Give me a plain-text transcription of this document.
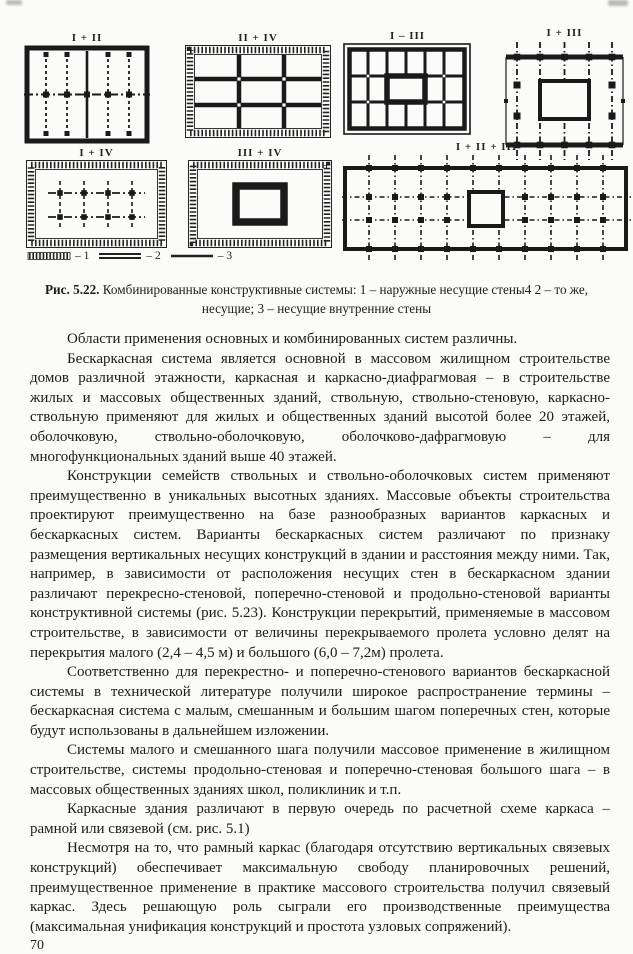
I + II	II + IV	I – III	I + III
I + IV	III + IV	I + II + III
– 1	– 2	– 3

Рис. 5.22. Комбинированные конструктивные системы: 1 – наружные несущие стены4 2 – то же, несущие; 3 – несущие внутренние стены

Области применения основных и комбинированных систем различны.

Бескаркасная система является основной в массовом жилищном строительстве домов различной этажности, каркасная и каркасно-диафрагмовая – в строительстве жилых и массовых общественных зданий, ствольную, ствольно-стеновую, каркасно-ствольную применяют для жилых и общественных зданий высотой более 20 этажей, оболочковую, ствольно-оболочковую, оболочково-дафрагмовую – для многофункциональных зданий выше 40 этажей.

Конструкции семейств ствольных и ствольно-оболочковых систем применяют преимущественно в уникальных высотных зданиях. Массовые объекты строительства проектируют преимущественно на базе разнообразных вариантов каркасных и бескаркасных систем. Варианты бескаркасных систем различают по признаку размещения вертикальных несущих конструкций в здании и расстояния между ними. Так, например, в зависимости от расположения несущих стен в бескаркасном здании различают перекресно-стеновой, поперечно-стеновой и продольно-стеновой варианты конструктивной системы (рис. 5.23). Конструкции перекрытий, применяемые в массовом строительстве, в зависимости от величины перекрываемого пролета условно делят на перекрытия малого (2,4 – 4,5 м) и большого (6,0 – 7,2м) пролета.

Соответственно для перекрестно- и поперечно-стенового вариантов бескаркасной системы в технической литературе получили широкое распространение термины – бескаркасная система с малым, смешанным и большим шагом поперечных стен, которые будут использованы в дальнейшем изложении.

Системы малого и смешанного шага получили массовое применение в жилищном строительстве, системы продольно-стеновая и поперечно-стеновая большого шага – в массовых общественных зданиях школ, поликлиник и т.п.

Каркасные здания различают в первую очередь по расчетной схеме каркаса – рамной или связевой (см. рис. 5.1)

Несмотря на то, что рамный каркас (благодаря отсутствию вертикальных связевых конструкций) обеспечивает максимальную свободу планировочных решений, преимущественное применение в практике массового строительства получил связевый каркас. Здесь решающую роль сыграли его производственные преимущества (максимальная унификация конструкций и простота узловых сопряжений).

70
